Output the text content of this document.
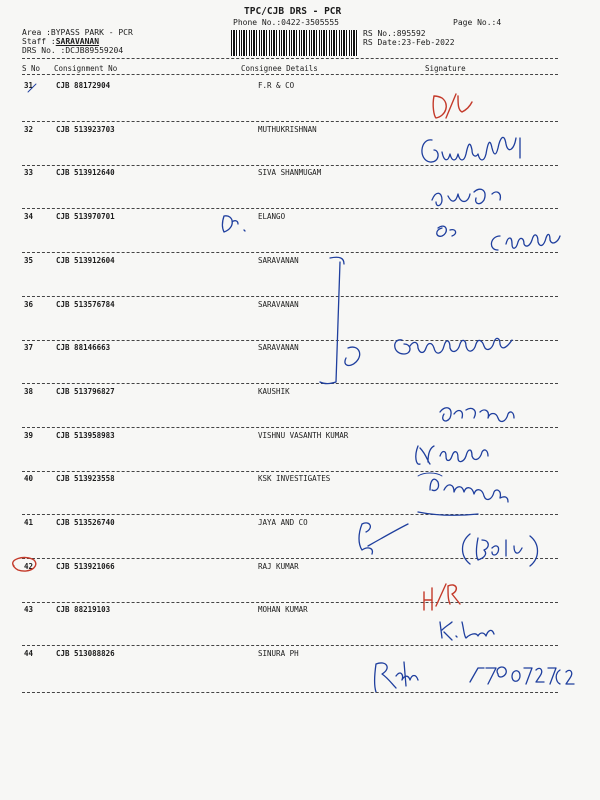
TPC/CJB DRS - PCR
Phone No.:0422-3505555	Page No.:4
Area :BYPASS PARK - PCR
Staff :SARAVANAN
DRS No. :DCJB89559204
RS No.:895592
RS Date:23-Feb-2022
S No Consignment No	Consignee Details	Signature
31	CJB 88172904	F.R & CO
32	CJB 513923703	MUTHUKRISHNAN
33	CJB 513912640	SIVA SHANMUGAM
34	CJB 513970701	ELANGO
35	CJB 513912604	SARAVANAN
36	CJB 513576784	SARAVANAN
37	CJB 88146663	SARAVANAN
38	CJB 513796827	KAUSHIK
39	CJB 513958983	VISHNU VASANTH KUMAR
40	CJB 513923558	KSK INVESTIGATES
41	CJB 513526740	JAYA AND CO
42	CJB 513921066	RAJ KUMAR
43	CJB 88219103	MOHAN KUMAR
44	CJB 513088826	SINURA PH
